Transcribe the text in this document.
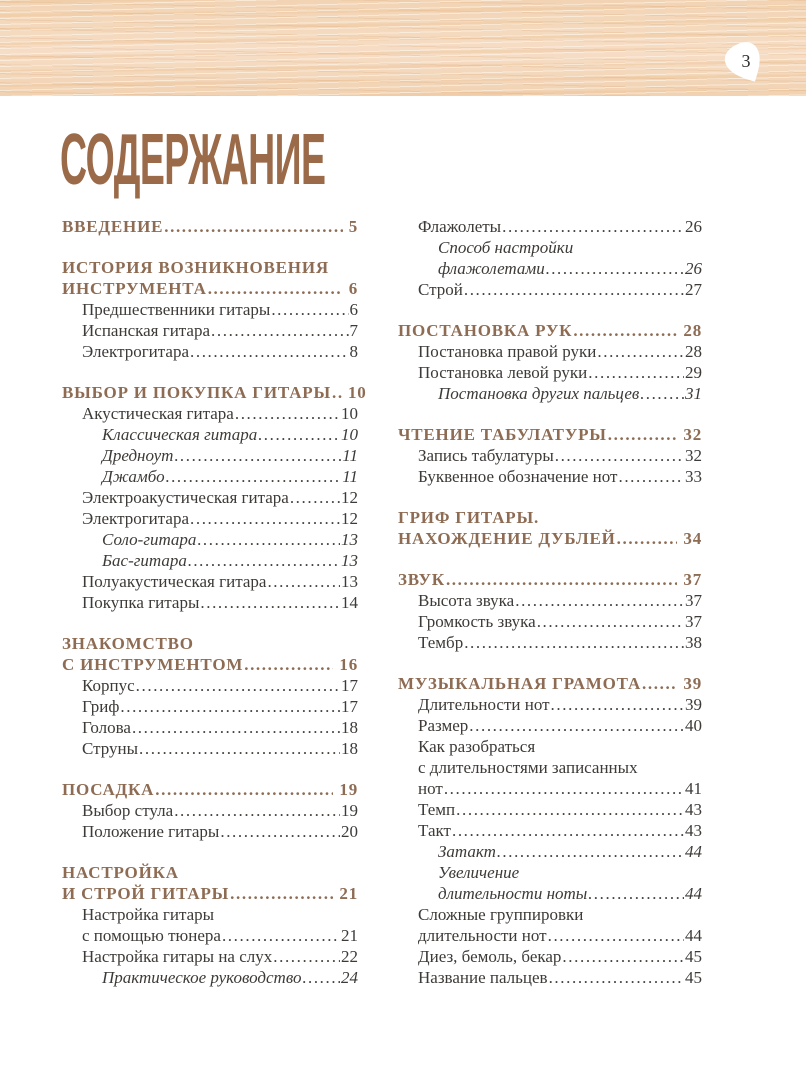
3
СОДЕРЖАНИЕ
ВВЕДЕНИЕ .....	5
ИСТОРИЯ ВОЗНИКНОВЕНИЯ
ИНСТРУМЕНТА .....	6
Предшественники гитары .....	6
Испанская гитара .....	7
Электрогитара .....	8
ВЫБОР И ПОКУПКА ГИТАРЫ ..... 10
Акустическая гитара .....	10
Классическая гитара .....	10
Дредноут .....	11
Джамбо .....	11
Электроакустическая гитара .....	12
Электрогитара .....	12
Соло-гитара .....	13
Бас-гитара .....	13
Полуакустическая гитара .....	13
Покупка гитары .....	14
ЗНАКОМСТВО
С ИНСТРУМЕНТОМ .....	16
Корпус .....	17
Гриф .....	17
Голова .....	18
Струны .....	18
ПОСАДКА .....	19
Выбор стула .....	19
Положение гитары .....	20
НАСТРОЙКА
И СТРОЙ ГИТАРЫ .....	21
Настройка гитары
с помощью тюнера .....	21
Настройка гитары на слух .....	22
Практическое руководство ..... 24
Флажолеты .....	26
Способ настройки
флажолетами .....	26
Строй .....	27
ПОСТАНОВКА РУК .....	28
Постановка правой руки .....	28
Постановка левой руки .....	29
Постановка других пальцев .....	31
ЧТЕНИЕ ТАБУЛАТУРЫ .....	32
Запись табулатуры .....	32
Буквенное обозначение нот .....	33
ГРИФ ГИТАРЫ.
НАХОЖДЕНИЕ ДУБЛЕЙ .....	34
ЗВУК .....	37
Высота звука .....	37
Громкость звука .....	37
Тембр .....	38
МУЗЫКАЛЬНАЯ ГРАМОТА ..... 39
Длительности нот .....	39
Размер .....	40
Как разобраться
с длительностями записанных
нот .....	41
Темп .....	43
Такт .....	43
Затакт .....	44
Увеличение
длительности ноты .....	44
Сложные группировки
длительности нот .....	44
Диез, бемоль, бекар .....	45
Название пальцев .....	45
